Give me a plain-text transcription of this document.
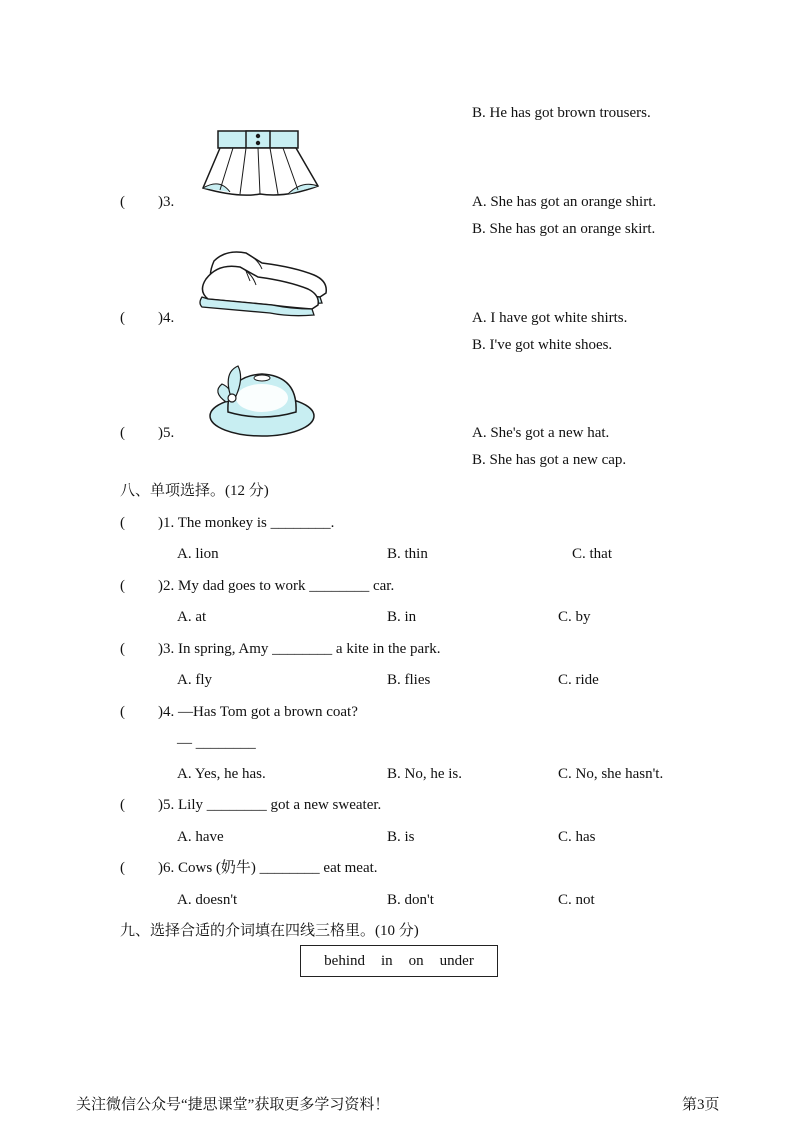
B. He has got brown trousers.
( )3.	A. She has got an orange shirt.
B. She has got an orange skirt.
( )4.	A. I have got white shirts.
B. I've got white shoes.
( )5.	A. She's got a new hat.
B. She has got a new cap.
八、单项选择。(12 分)
( )1. The monkey is ________.
A. lion	B. thin	C. that
( )2. My dad goes to work ________ car.
A. at	B. in	C. by
( )3. In spring, Amy ________ a kite in the park.
A. fly	B. flies	C. ride
( )4. —Has Tom got a brown coat?
— ________
A. Yes, he has.	B. No, he is.	C. No, she hasn't.
( )5. Lily ________ got a new sweater.
A. have	B. is	C. has
( )6. Cows (奶牛) ________ eat meat.
A. doesn't	B. don't	C. not
九、选择合适的介词填在四线三格里。(10 分)
behind in on under
关注微信公众号“捷思课堂”获取更多学习资料！	第3页
